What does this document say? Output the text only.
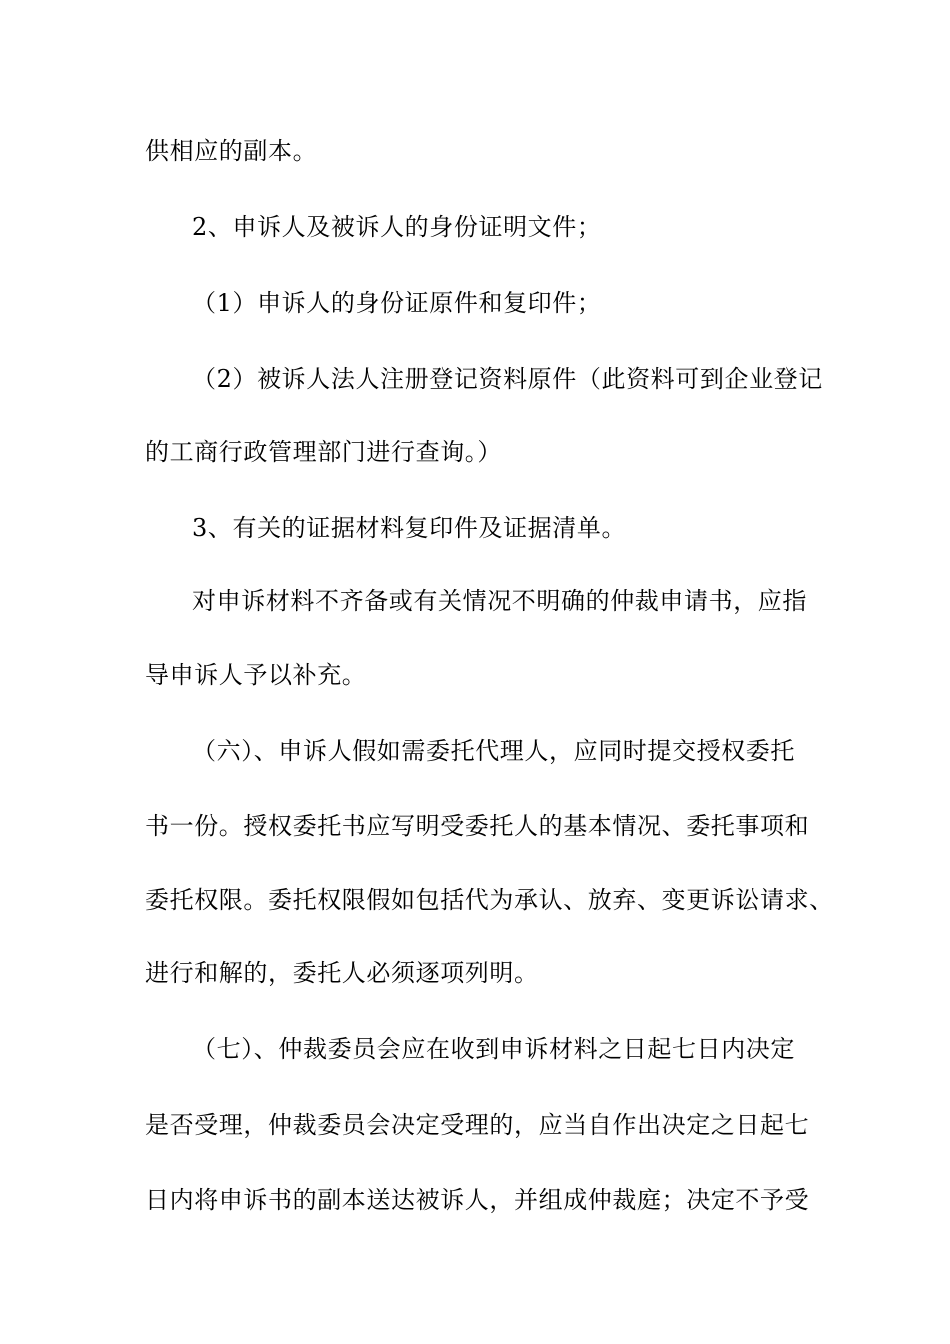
供相应的副本。
2、申诉人及被诉人的身份证明文件；
（1）申诉人的身份证原件和复印件；
（2）被诉人法人注册登记资料原件（此资料可到企业登记
的工商行政管理部门进行查询。）
3、有关的证据材料复印件及证据清单。
对申诉材料不齐备或有关情况不明确的仲裁申请书，应指
导申诉人予以补充。
（六）、申诉人假如需委托代理人，应同时提交授权委托
书一份。授权委托书应写明受委托人的基本情况、委托事项和
委托权限。委托权限假如包括代为承认、放弃、变更诉讼请求、
进行和解的，委托人必须逐项列明。
（七）、仲裁委员会应在收到申诉材料之日起七日内决定
是否受理，仲裁委员会决定受理的，应当自作出决定之日起七
日内将申诉书的副本送达被诉人，并组成仲裁庭；决定不予受
